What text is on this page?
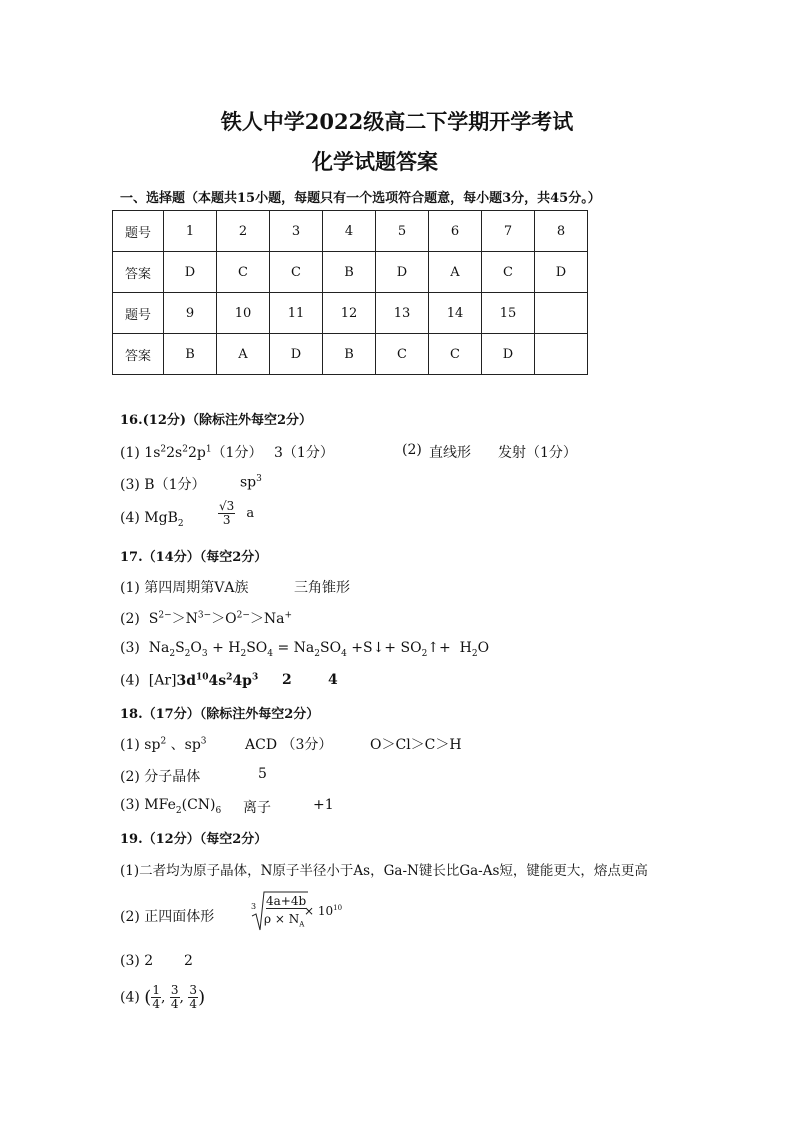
铁人中学2022级高二下学期开学考试
化学试题答案
一、选择题（本题共15小题，每题只有一个选项符合题意，每小题3分，共45分。）
题号	1	2	3	4	5	6	7	8
答案	D	C	C	B	D	A	C	D
题号	9	10	11	12	13	14	15	
答案	B	A	D	B	C	C	D	
16.(12分)（除标注外每空2分）
(1) $1s^22s^22p^1(1$分） 3（1分）	(2) 直线形 发射（1分）
(3) B（1分） $sp^3$
(4) MgB$_2$	$\frac{√3}{3}$ a
17.（14分）（每空2分）
(1) 第四周期第ⅤA族	三角锥形
(2)  $S^{2-}>N^{3-}>O^{2-}>Na^+$
(3)  $Na_2S_2O_3 + H_2SO_4 = Na_2SO_4$ +S↓+ $SO_2↑+ H_2O$
(4)  $[Ar]3d^{10}4s^24p^3$ 2	4
18.（17分）（除标注外每空2分）
(1) $sp^2$ 、$sp^3$	ACD （3分）	O＞Cl＞C＞H
(2) 分子晶体	5
(3) $MFe_2(CN)_6$ 离子	+1
19.（12分）（每空2分）
(1)二者均为原子晶体，N原子半径小于As，Ga-N键长比Ga-As短，键能更大，熔点更高
(2) 正四面体形
3 4a+4b
$\rho \times N_A$
× $10^{10}$
(3) 2 2
(4) ( $\frac{1}{4}$ , $\frac{3}{4}$ , $\frac{3}{4}$ )
